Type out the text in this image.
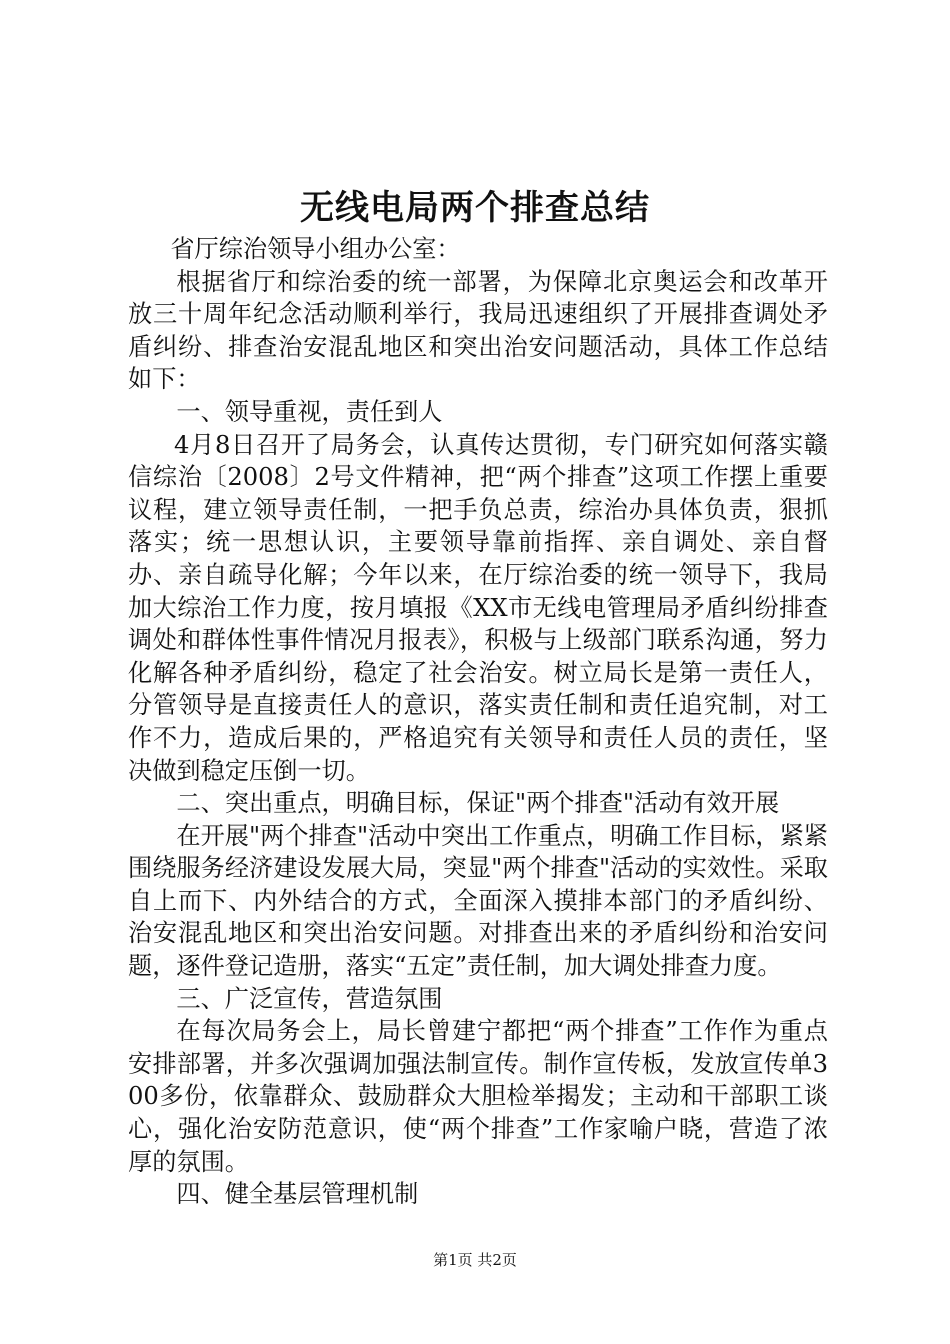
无线电局两个排查总结

省厅综治领导小组办公室：

根据省厅和综治委的统一部署，为保障北京奥运会和改革开放三十周年纪念活动顺利举行，我局迅速组织了开展排查调处矛盾纠纷、排查治安混乱地区和突出治安问题活动，具体工作总结如下：

一、领导重视，责任到人

4月8日召开了局务会，认真传达贯彻，专门研究如何落实赣信综治〔2008〕2号文件精神，把“两个排查”这项工作摆上重要议程，建立领导责任制，一把手负总责，综治办具体负责，狠抓落实；统一思想认识，主要领导靠前指挥、亲自调处、亲自督办、亲自疏导化解；今年以来，在厅综治委的统一领导下，我局加大综治工作力度，按月填报《XX市无线电管理局矛盾纠纷排查调处和群体性事件情况月报表》，积极与上级部门联系沟通，努力化解各种矛盾纠纷，稳定了社会治安。树立局长是第一责任人，分管领导是直接责任人的意识，落实责任制和责任追究制，对工作不力，造成后果的，严格追究有关领导和责任人员的责任，坚决做到稳定压倒一切。

二、突出重点，明确目标，保证"两个排查"活动有效开展

在开展"两个排查"活动中突出工作重点，明确工作目标，紧紧围绕服务经济建设发展大局，突显"两个排查"活动的实效性。采取自上而下、内外结合的方式，全面深入摸排本部门的矛盾纠纷、治安混乱地区和突出治安问题。对排查出来的矛盾纠纷和治安问题，逐件登记造册，落实“五定”责任制，加大调处排查力度。

三、广泛宣传，营造氛围

在每次局务会上，局长曾建宁都把“两个排查”工作作为重点安排部署，并多次强调加强法制宣传。制作宣传板，发放宣传单300多份，依靠群众、鼓励群众大胆检举揭发；主动和干部职工谈心，强化治安防范意识，使“两个排查”工作家喻户晓，营造了浓厚的氛围。

四、健全基层管理机制

第1页 共2页
